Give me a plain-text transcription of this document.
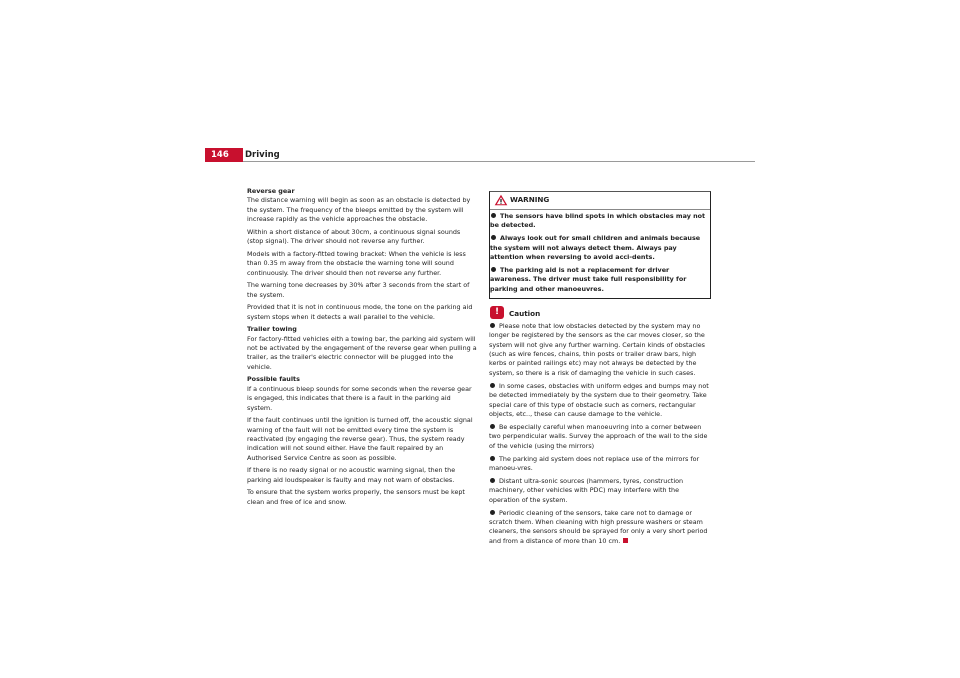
146	Driving
Reverse gear

The distance warning will begin as soon as an obstacle is detected by the system. The frequency of the bleeps emitted by the system will increase rapidly as the vehicle approaches the obstacle.

Within a short distance of about 30cm, a continuous signal sounds (stop signal). The driver should not reverse any further.

Models with a factory-fitted towing bracket: When the vehicle is less than 0.35 m away from the obstacle the warning tone will sound continuously. The driver should then not reverse any further.

The warning tone decreases by 30% after 3 seconds from the start of the system.

Provided that it is not in continuous mode, the tone on the parking aid system stops when it detects a wall parallel to the vehicle.

Trailer towing

For factory-fitted vehicles eith a towing bar, the parking aid system will not be activated by the engagement of the reverse gear when pulling a trailer, as the trailer's electric connector will be plugged into the vehicle.

Possible faults

If a continuous bleep sounds for some seconds when the reverse gear is engaged, this indicates that there is a fault in the parking aid system.

If the fault continues until the ignition is turned off, the acoustic signal warning of the fault will not be emitted every time the system is reactivated (by engaging the reverse gear). Thus, the system ready indication will not sound either. Have the fault repaired by an Authorised Service Centre as soon as possible.

If there is no ready signal or no acoustic warning signal, then the parking aid loudspeaker is faulty and may not warn of obstacles.

To ensure that the system works properly, the sensors must be kept clean and free of ice and snow.

WARNING
The sensors have blind spots in which obstacles may not be detected.
Always look out for small children and animals because the system will not always detect them. Always pay attention when reversing to avoid acci-dents.
The parking aid is not a replacement for driver awareness. The driver must take full responsibility for parking and other manoeuvres.
!	Caution
Please note that low obstacles detected by the system may no longer be registered by the sensors as the car moves closer, so the system will not give any further warning. Certain kinds of obstacles (such as wire fences, chains, thin posts or trailer draw bars, high kerbs or painted railings etc) may not always be detected by the system, so there is a risk of damaging the vehicle in such cases.
In some cases, obstacles with uniform edges and bumps may not be detected immediately by the system due to their geometry. Take special care of this type of obstacle such as corners, rectangular objects, etc.., these can cause damage to the vehicle.
Be especially careful when manoeuvring into a corner between two perpendicular walls. Survey the approach of the wall to the side of the vehicle (using the mirrors)
The parking aid system does not replace use of the mirrors for manoeu-vres.
Distant ultra-sonic sources (hammers, tyres, construction machinery, other vehicles with PDC) may interfere with the operation of the system.
Periodic cleaning of the sensors, take care not to damage or scratch them. When cleaning with high pressure washers or steam cleaners, the sensors should be sprayed for only a very short period and from a distance of more than 10 cm.
